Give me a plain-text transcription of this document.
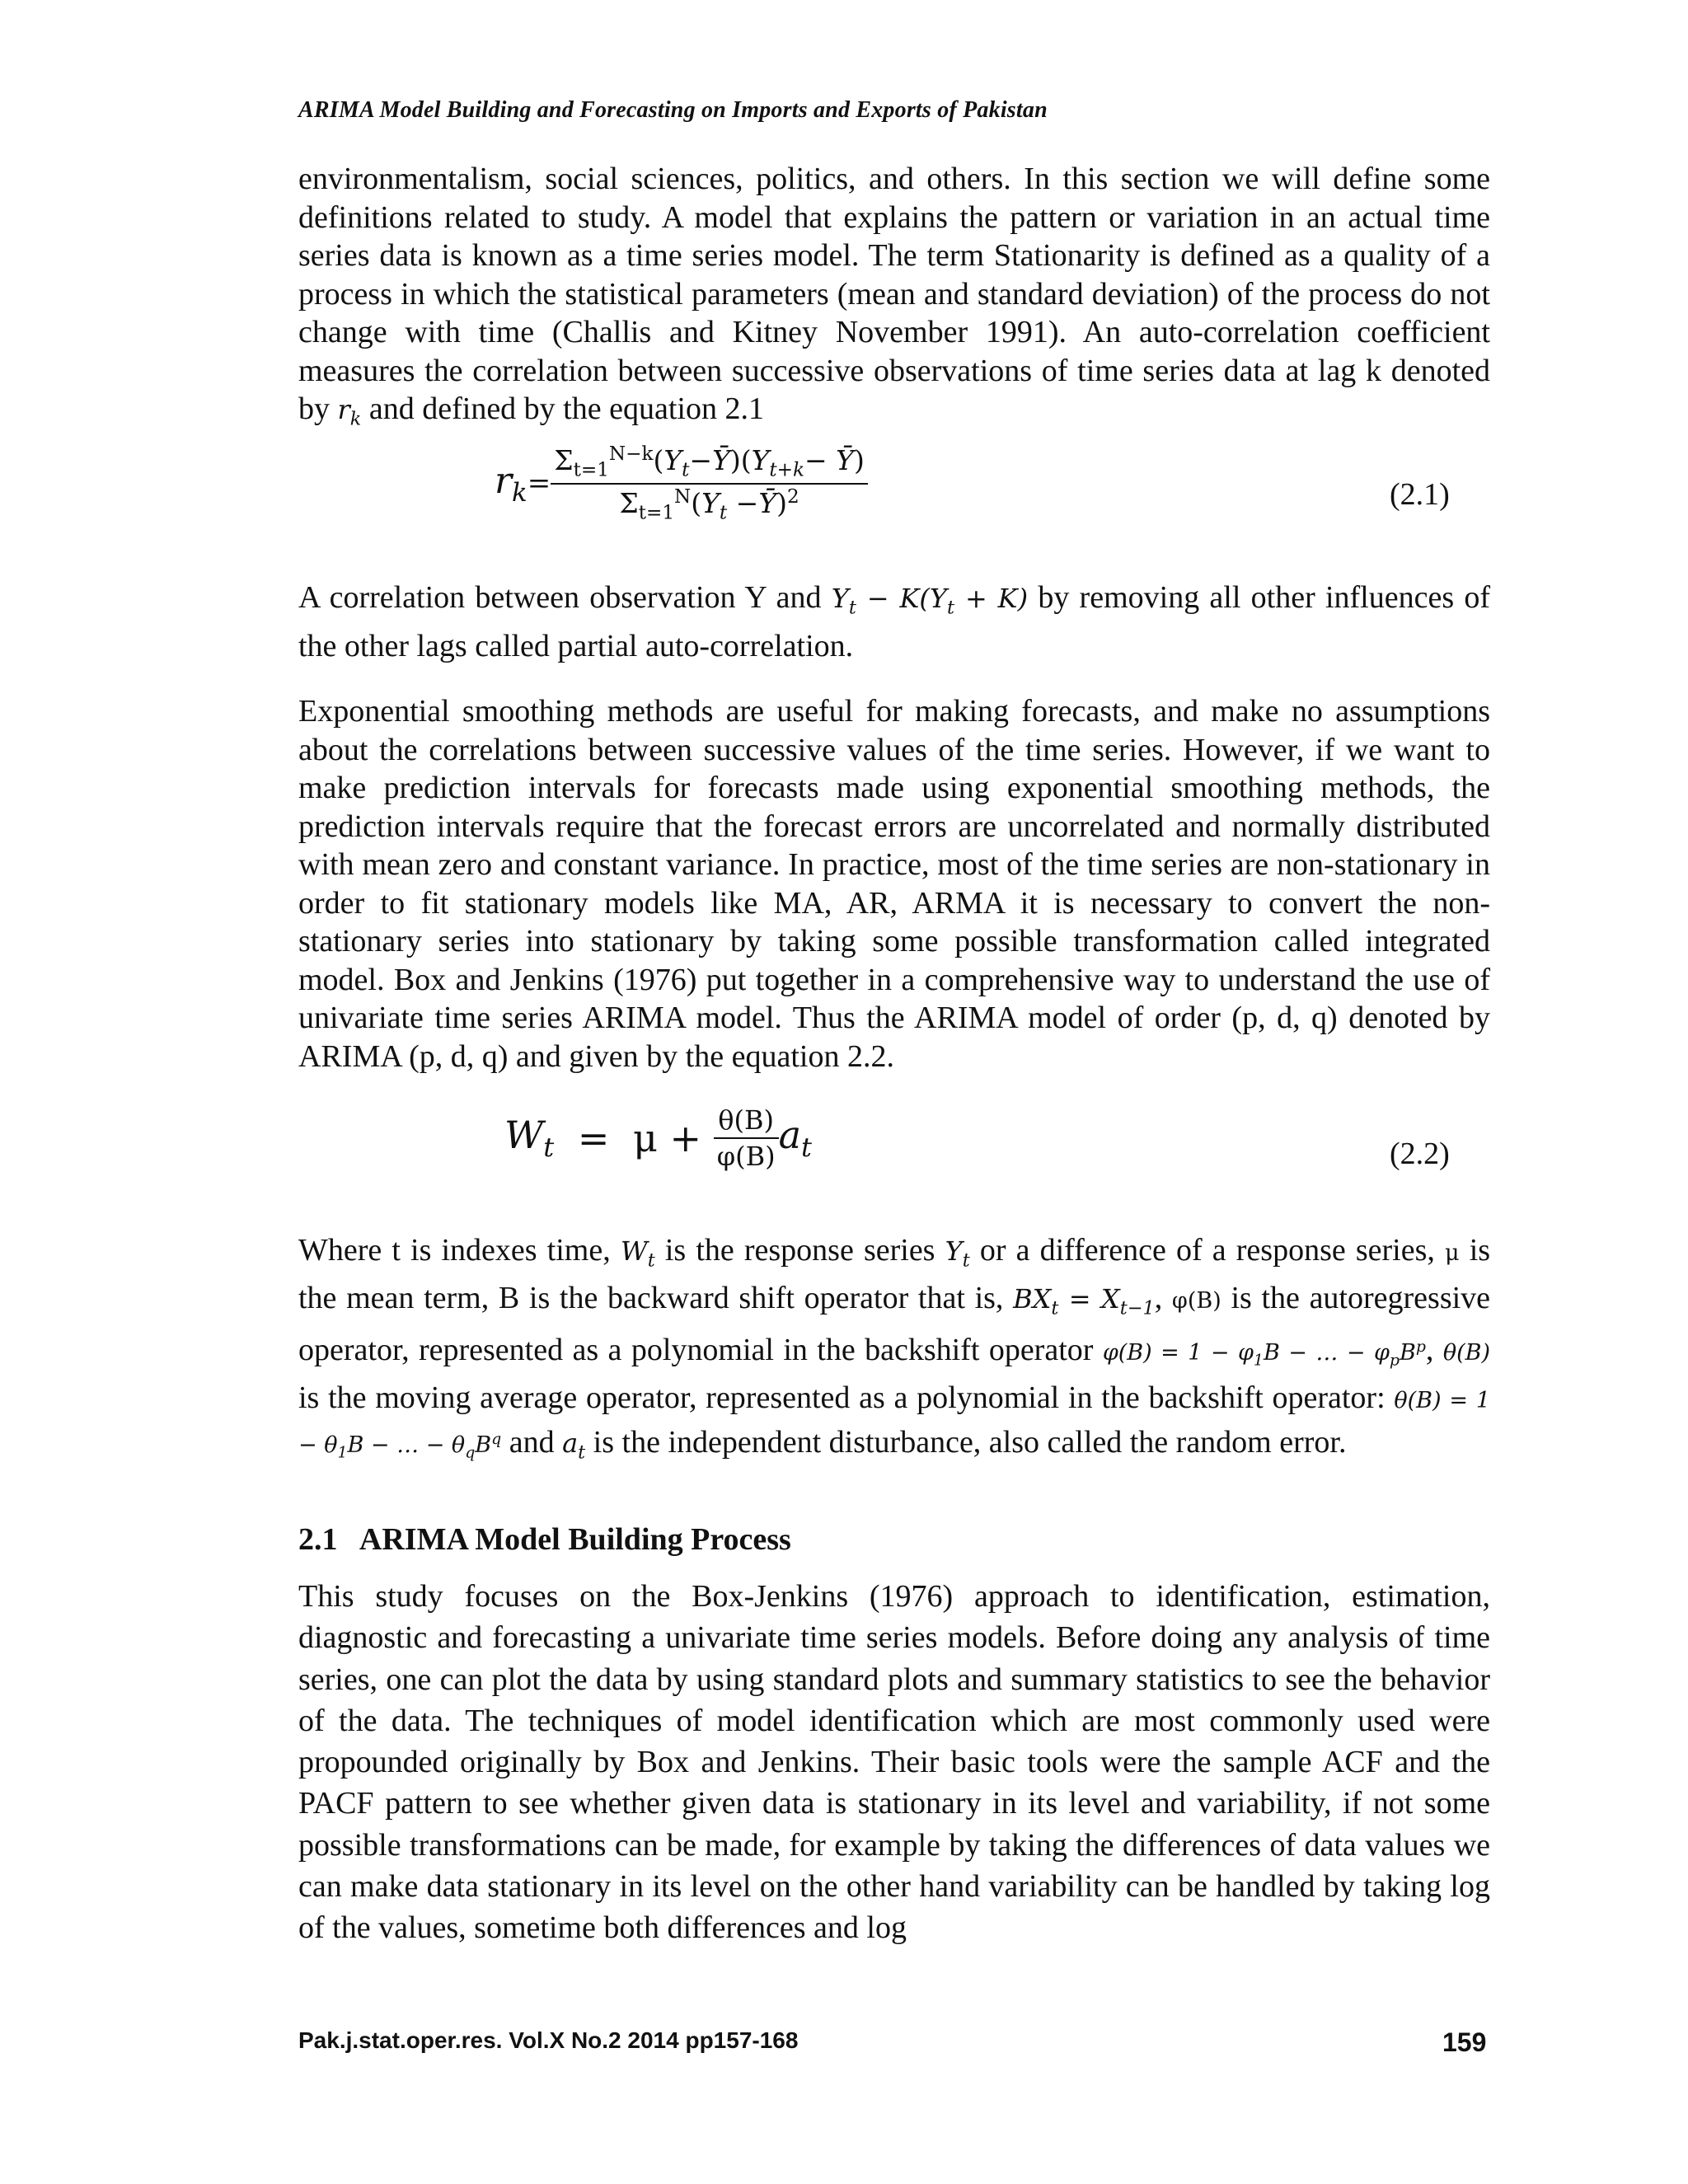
ARIMA Model Building and Forecasting on Imports and Exports of Pakistan
environmentalism, social sciences, politics, and others. In this section we will define some definitions related to study. A model that explains the pattern or variation in an actual time series data is known as a time series model. The term Stationarity is defined as a quality of a process in which the statistical parameters (mean and standard deviation) of the process do not change with time (Challis and Kitney November 1991). An auto-correlation coefficient measures the correlation between successive observations of time series data at lag k denoted by $r_k$ and defined by the equation 2.1
$r_k= \frac{\Sigma_{t=1}^{N-k}(Y_t-Ȳ)(Y_{t+k}- Ȳ)}{\Sigma_{t=1}^N(Y_t -Ȳ)^2}$	(2.1)
A correlation between observation Y and $Y_t - K(Y_t + K)$ by removing all other influences of the other lags called partial auto-correlation.
Exponential smoothing methods are useful for making forecasts, and make no assumptions about the correlations between successive values of the time series. However, if we want to make prediction intervals for forecasts made using exponential smoothing methods, the prediction intervals require that the forecast errors are uncorrelated and normally distributed with mean zero and constant variance. In practice, most of the time series are non-stationary in order to fit stationary models like MA, AR, ARMA it is necessary to convert the non-stationary series into stationary by taking some possible transformation called integrated model. Box and Jenkins (1976) put together in a comprehensive way to understand the use of univariate time series ARIMA model. Thus the ARIMA model of order (p, d, q) denoted by ARIMA (p, d, q) and given by the equation 2.2.
$W_t = \mu + \frac{\theta(B)}{\varphi(B)} a_t$	(2.2)
Where t is indexes time, $W_t$ is the response series $Y_t$ or a difference of a response series, μ is the mean term, B is the backward shift operator that is, $BX_t = X_{t-1}$, φ(B) is the autoregressive operator, represented as a polynomial in the backshift operator $\varphi(B) = 1 - \varphi_1B$ − … − $\varphi_pB^p$, θ(B) is the moving average operator, represented as a polynomial in the backshift operator: $\theta(B) = 1 - \theta_1B$ − … − $\theta_qB^q$ and $a_t$ is the independent disturbance, also called the random error.
2.1 ARIMA Model Building Process
This study focuses on the Box-Jenkins (1976) approach to identification, estimation, diagnostic and forecasting a univariate time series models. Before doing any analysis of time series, one can plot the data by using standard plots and summary statistics to see the behavior of the data. The techniques of model identification which are most commonly used were propounded originally by Box and Jenkins. Their basic tools were the sample ACF and the PACF pattern to see whether given data is stationary in its level and variability, if not some possible transformations can be made, for example by taking the differences of data values we can make data stationary in its level on the other hand variability can be handled by taking log of the values, sometime both differences and log
Pak.j.stat.oper.res. Vol.X No.2 2014 pp157-168	159
